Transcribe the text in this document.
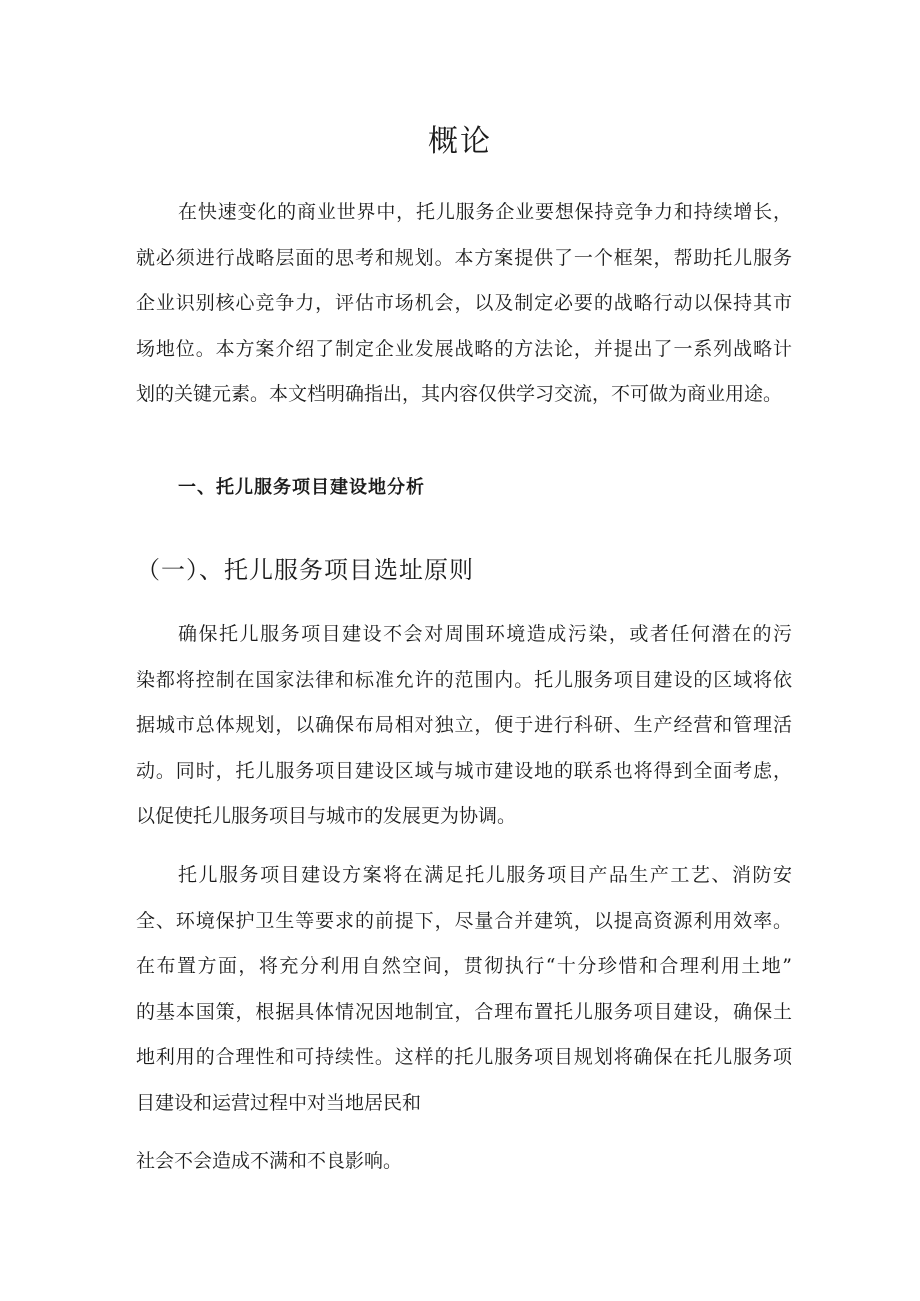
概论
在快速变化的商业世界中，托儿服务企业要想保持竞争力和持续增长，
就必须进行战略层面的思考和规划。本方案提供了一个框架，帮助托儿服务
企业识别核心竞争力，评估市场机会，以及制定必要的战略行动以保持其市
场地位。本方案介绍了制定企业发展战略的方法论，并提出了一系列战略计
划的关键元素。本文档明确指出，其内容仅供学习交流，不可做为商业用途。
一、托儿服务项目建设地分析
（一）、托儿服务项目选址原则
确保托儿服务项目建设不会对周围环境造成污染，或者任何潜在的污
染都将控制在国家法律和标准允许的范围内。托儿服务项目建设的区域将依
据城市总体规划，以确保布局相对独立，便于进行科研、生产经营和管理活
动。同时，托儿服务项目建设区域与城市建设地的联系也将得到全面考虑，
以促使托儿服务项目与城市的发展更为协调。
托儿服务项目建设方案将在满足托儿服务项目产品生产工艺、消防安
全、环境保护卫生等要求的前提下，尽量合并建筑，以提高资源利用效率。
在布置方面，将充分利用自然空间，贯彻执行“十分珍惜和合理利用土地”
的基本国策，根据具体情况因地制宜，合理布置托儿服务项目建设，确保土
地利用的合理性和可持续性。这样的托儿服务项目规划将确保在托儿服务项
目建设和运营过程中对当地居民和
社会不会造成不满和不良影响。
